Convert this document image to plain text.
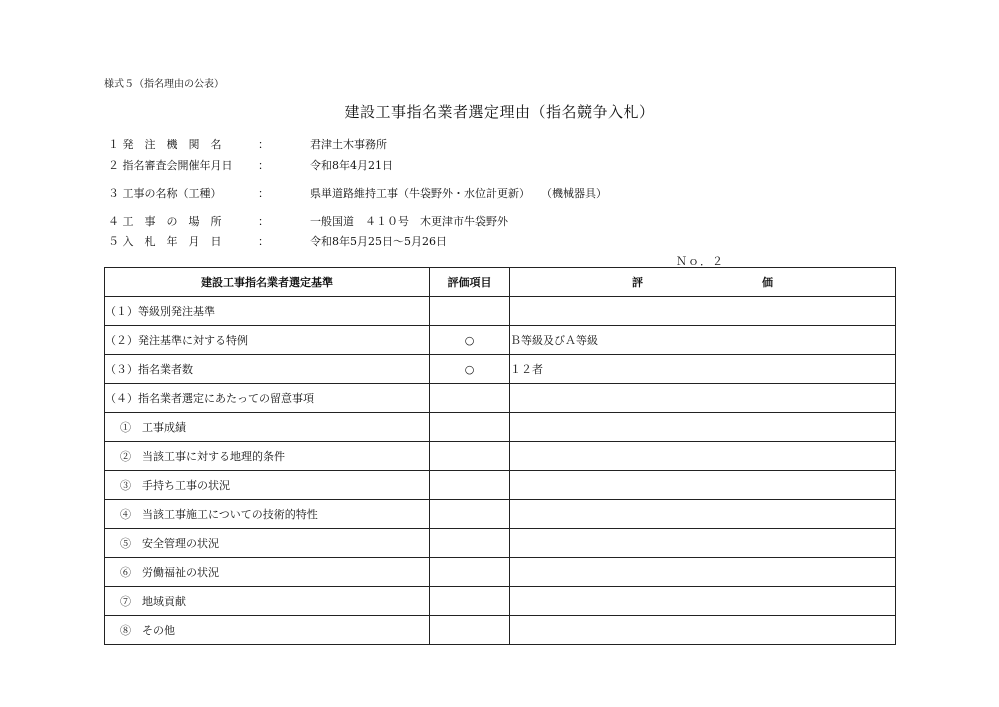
様式５（指名理由の公表）
建設工事指名業者選定理由（指名競争入札）
１ 発　注　機　関　名	：	君津土木事務所
２ 指名審査会開催年月日 ：	令和8年4月21日
３ 工事の名称（工種）	：	県単道路維持工事（牛袋野外・水位計更新）　　（機械器具）
４ 工　事　の　場　所	：	一般国道　４１０号　木更津市牛袋野外
５ 入　札　年　月　日	：	令和8年5月25日～5月26日
Ｎｏ．２
建設工事指名業者選定基準	評価項目	評 価

（１）等級別発注基準		
（２）発注基準に対する特例	○	Ｂ等級及びＡ等級
（３）指名業者数	○	１２者
（４）指名業者選定にあたっての留意事項		
①　工事成績		
②　当該工事に対する地理的条件		
③　手持ち工事の状況		
④　当該工事施工についての技術的特性		
⑤　安全管理の状況		
⑥　労働福祉の状況		
⑦　地域貢献		
⑧　その他		
